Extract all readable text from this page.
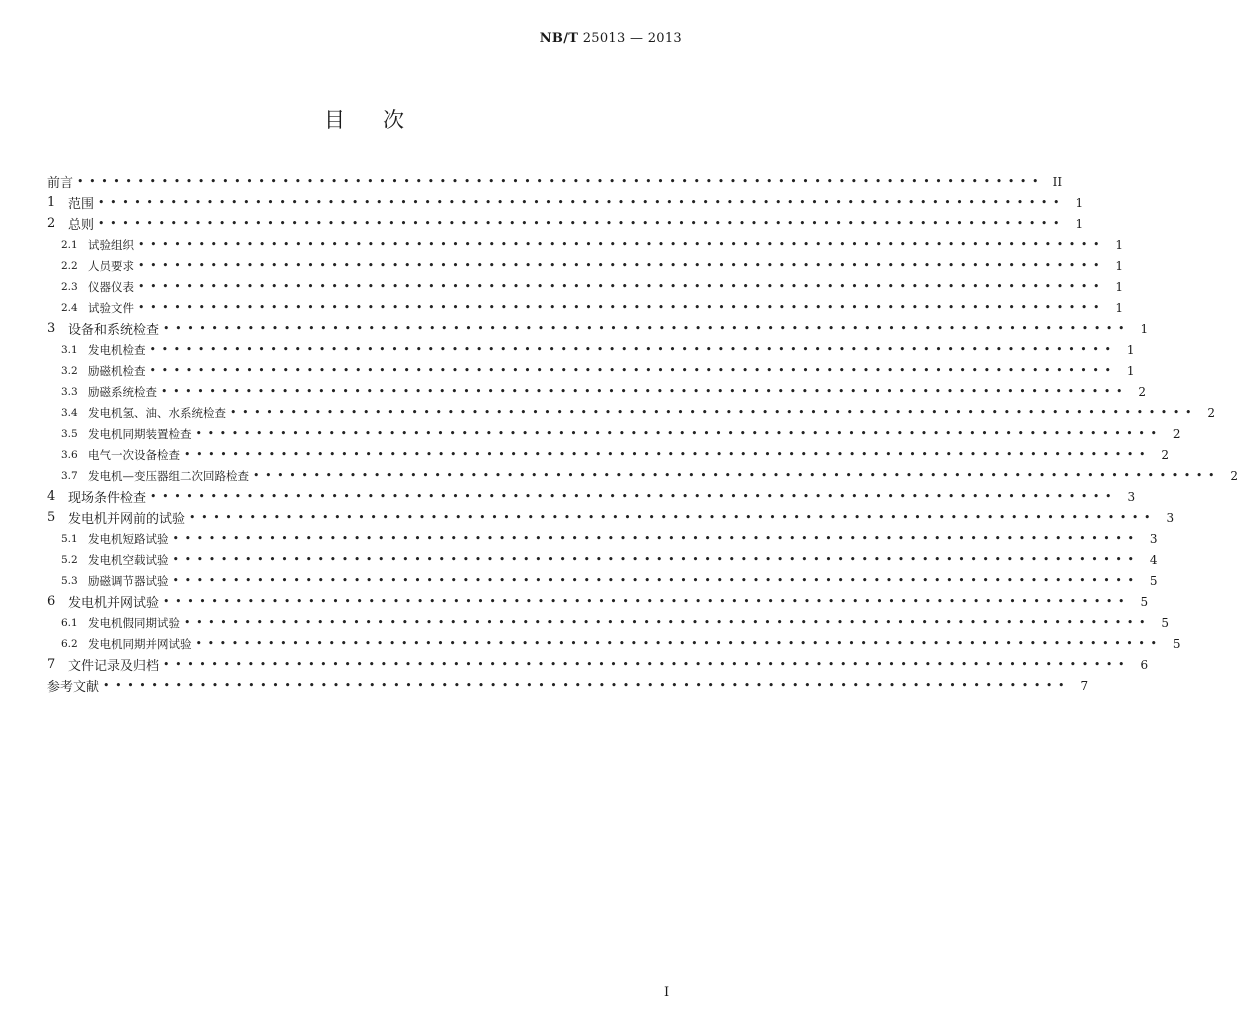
NB/T 25013 — 2013
目次
前言 •••••••••••••••••••••••••••••••••••••••••••••••••••••••••••••••••••••••••••••••• II
1 范围 •••••••••••••••••••••••••••••••••••••••••••••••••••••••••••••••••••••••••••••••• 1
2 总则 •••••••••••••••••••••••••••••••••••••••••••••••••••••••••••••••••••••••••••••••• 1
2.1 试验组织 •••••••••••••••••••••••••••••••••••••••••••••••••••••••••••••••••••••••••••••••• 1
2.2 人员要求 •••••••••••••••••••••••••••••••••••••••••••••••••••••••••••••••••••••••••••••••• 1
2.3 仪器仪表 •••••••••••••••••••••••••••••••••••••••••••••••••••••••••••••••••••••••••••••••• 1
2.4 试验文件 •••••••••••••••••••••••••••••••••••••••••••••••••••••••••••••••••••••••••••••••• 1
3 设备和系统检查 •••••••••••••••••••••••••••••••••••••••••••••••••••••••••••••••••••••••••••••••• 1
3.1 发电机检查 •••••••••••••••••••••••••••••••••••••••••••••••••••••••••••••••••••••••••••••••• 1
3.2 励磁机检查 •••••••••••••••••••••••••••••••••••••••••••••••••••••••••••••••••••••••••••••••• 1
3.3 励磁系统检查 •••••••••••••••••••••••••••••••••••••••••••••••••••••••••••••••••••••••••••••••• 2
3.4 发电机氢、油、水系统检查 •••••••••••••••••••••••••••••••••••••••••••••••••••••••••••••••••••••••••••••••• 2
3.5 发电机同期装置检查 •••••••••••••••••••••••••••••••••••••••••••••••••••••••••••••••••••••••••••••••• 2
3.6 电气一次设备检查 •••••••••••••••••••••••••••••••••••••••••••••••••••••••••••••••••••••••••••••••• 2
3.7 发电机—变压器组二次回路检查 •••••••••••••••••••••••••••••••••••••••••••••••••••••••••••••••••••••••••••••••• 2
4 现场条件检查 •••••••••••••••••••••••••••••••••••••••••••••••••••••••••••••••••••••••••••••••• 3
5 发电机并网前的试验 •••••••••••••••••••••••••••••••••••••••••••••••••••••••••••••••••••••••••••••••• 3
5.1 发电机短路试验 •••••••••••••••••••••••••••••••••••••••••••••••••••••••••••••••••••••••••••••••• 3
5.2 发电机空载试验 •••••••••••••••••••••••••••••••••••••••••••••••••••••••••••••••••••••••••••••••• 4
5.3 励磁调节器试验 •••••••••••••••••••••••••••••••••••••••••••••••••••••••••••••••••••••••••••••••• 5
6 发电机并网试验 •••••••••••••••••••••••••••••••••••••••••••••••••••••••••••••••••••••••••••••••• 5
6.1 发电机假同期试验 •••••••••••••••••••••••••••••••••••••••••••••••••••••••••••••••••••••••••••••••• 5
6.2 发电机同期并网试验 •••••••••••••••••••••••••••••••••••••••••••••••••••••••••••••••••••••••••••••••• 5
7 文件记录及归档 •••••••••••••••••••••••••••••••••••••••••••••••••••••••••••••••••••••••••••••••• 6
参考文献 •••••••••••••••••••••••••••••••••••••••••••••••••••••••••••••••••••••••••••••••• 7
I
